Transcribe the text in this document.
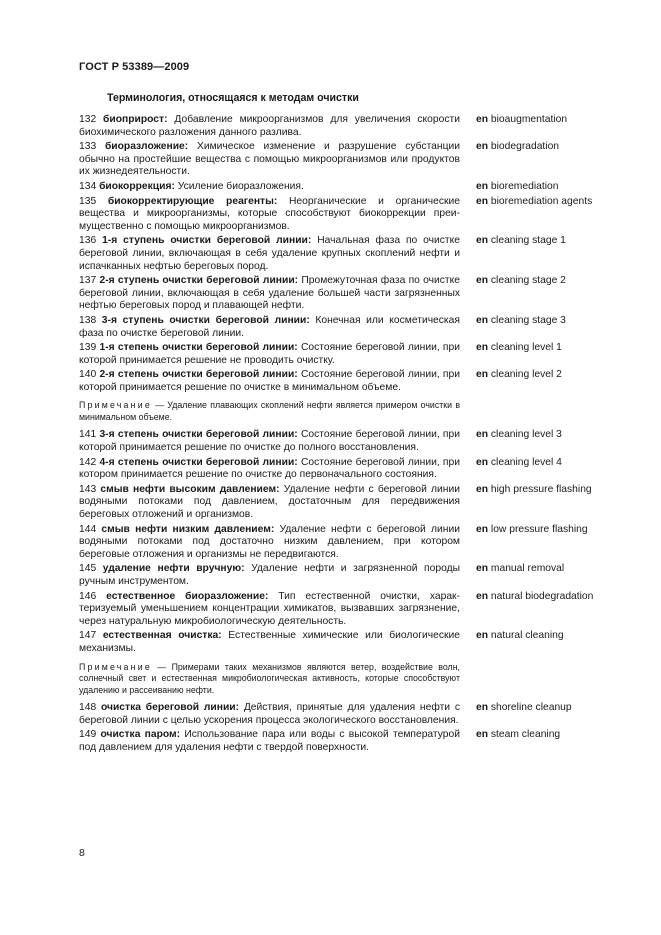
ГОСТ Р 53389—2009
Терминология, относящаяся к методам очистки
132 биоприрост: Добавление микроорганизмов для увеличения скорости биохимического разложения данного разлива.
en bioaugmentation
133 биоразложение: Химическое изменение и разрушение субстанции обычно на простейшие вещества с помощью микроорганизмов или продуктов их жизнедеятельности.
en biodegradation
134 биокоррекция: Усиление биоразложения.	en bioremediation
135 биокорректирующие реагенты: Неорганические и органические вещества и микроорганизмы, которые способствуют биокоррекции преимущественно с помощью микроорганизмов.
en bioremediation agents
136 1-я ступень очистки береговой линии: Начальная фаза по очистке береговой линии, включающая в себя удаление крупных скоплений нефти и испачканных нефтью береговых пород.
en cleaning stage 1
137 2-я ступень очистки береговой линии: Промежуточная фаза по очистке береговой линии, включающая в себя удаление большей части загрязненных нефтью береговых пород и плавающей нефти.
en cleaning stage 2
138 3-я ступень очистки береговой линии: Конечная или косметическая фаза по очистке береговой линии.
en cleaning stage 3
139 1-я степень очистки береговой линии: Состояние береговой линии, при которой принимается решение не проводить очистку.
en cleaning level 1
140 2-я степень очистки береговой линии: Состояние береговой линии, при которой принимается решение по очистке в минимальном объеме.
en cleaning level 2
Примечание — Удаление плавающих скоплений нефти является примером очистки в минимальном объеме.
141 3-я степень очистки береговой линии: Состояние береговой линии, при которой принимается решение по очистке до полного восстановления.
en cleaning level 3
142 4-я степень очистки береговой линии: Состояние береговой линии, при котором принимается решение по очистке до первоначального состояния.
en cleaning level 4
143 смыв нефти высоким давлением: Удаление нефти с береговой линии водяными потоками под давлением, достаточным для передвижения береговых отложений и организмов.
en high pressure flashing
144 смыв нефти низким давлением: Удаление нефти с береговой линии водяными потоками под достаточно низким давлением, при котором береговые отложения и организмы не передвигаются.
en low pressure flashing
145 удаление нефти вручную: Удаление нефти и загрязненной породы ручным инструментом.
en manual removal
146 естественное биоразложение: Тип естественной очистки, характеризуемый уменьшением концентрации химикатов, вызвавших загрязнение, через натуральную микробиологическую деятельность.
en natural biodegradation
147 естественная очистка: Естественные химические или биологические механизмы.
en natural cleaning
Примечание — Примерами таких механизмов являются ветер, воздействие волн, солнечный свет и естественная микробиологическая активность, которые способствуют удалению и рассеиванию нефти.
148 очистка береговой линии: Действия, принятые для удаления нефти с береговой линии с целью ускорения процесса экологического восстановления.
en shoreline cleanup
149 очистка паром: Использование пара или воды с высокой температурой под давлением для удаления нефти с твердой поверхности.
en steam cleaning
8
